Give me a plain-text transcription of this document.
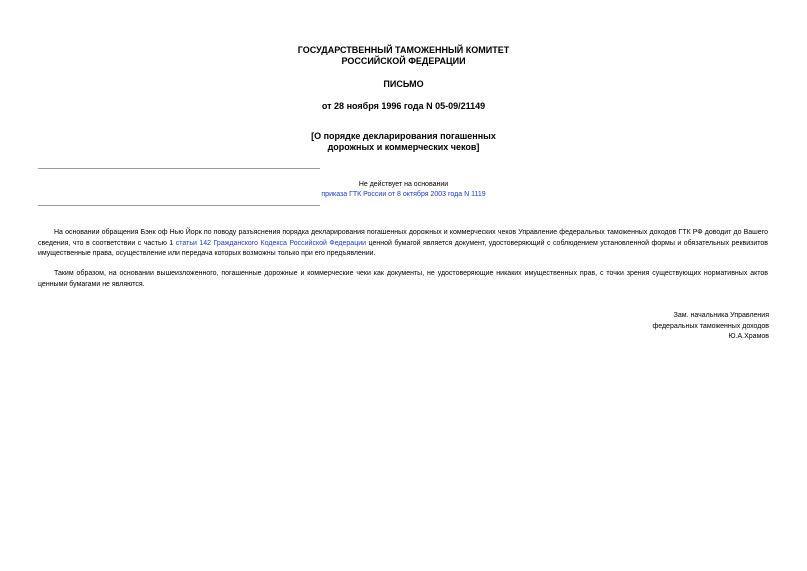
ГОСУДАРСТВЕННЫЙ ТАМОЖЕННЫЙ КОМИТЕТ
РОССИЙСКОЙ ФЕДЕРАЦИИ
ПИСЬМО
от 28 ноября 1996 года N 05-09/21149
[О порядке декларирования погашенных
дорожных и коммерческих чеков]
Не действует на основании
приказа ГТК России от 8 октября 2003 года N 1119
На основании обращения Бэнк оф Нью Йорк по поводу разъяснения порядка декларирования погашенных дорожных и коммерческих чеков Управление федеральных таможенных доходов ГТК РФ доводит до Вашего сведения, что в соответствии с частью 1 статьи 142 Гражданского Кодекса Российской Федерации ценной бумагой является документ, удостоверяющий с соблюдением установленной формы и обязательных реквизитов имущественные права, осуществление или передача которых возможны только при его предъявлении.
Таким образом, на основании вышеизложенного, погашенные дорожные и коммерческие чеки как документы, не удостоверяющие никаких имущественных прав, с точки зрения существующих нормативных актов ценными бумагами не являются.
Зам. начальника Управления
федеральных таможенных доходов
Ю.А.Храмов
